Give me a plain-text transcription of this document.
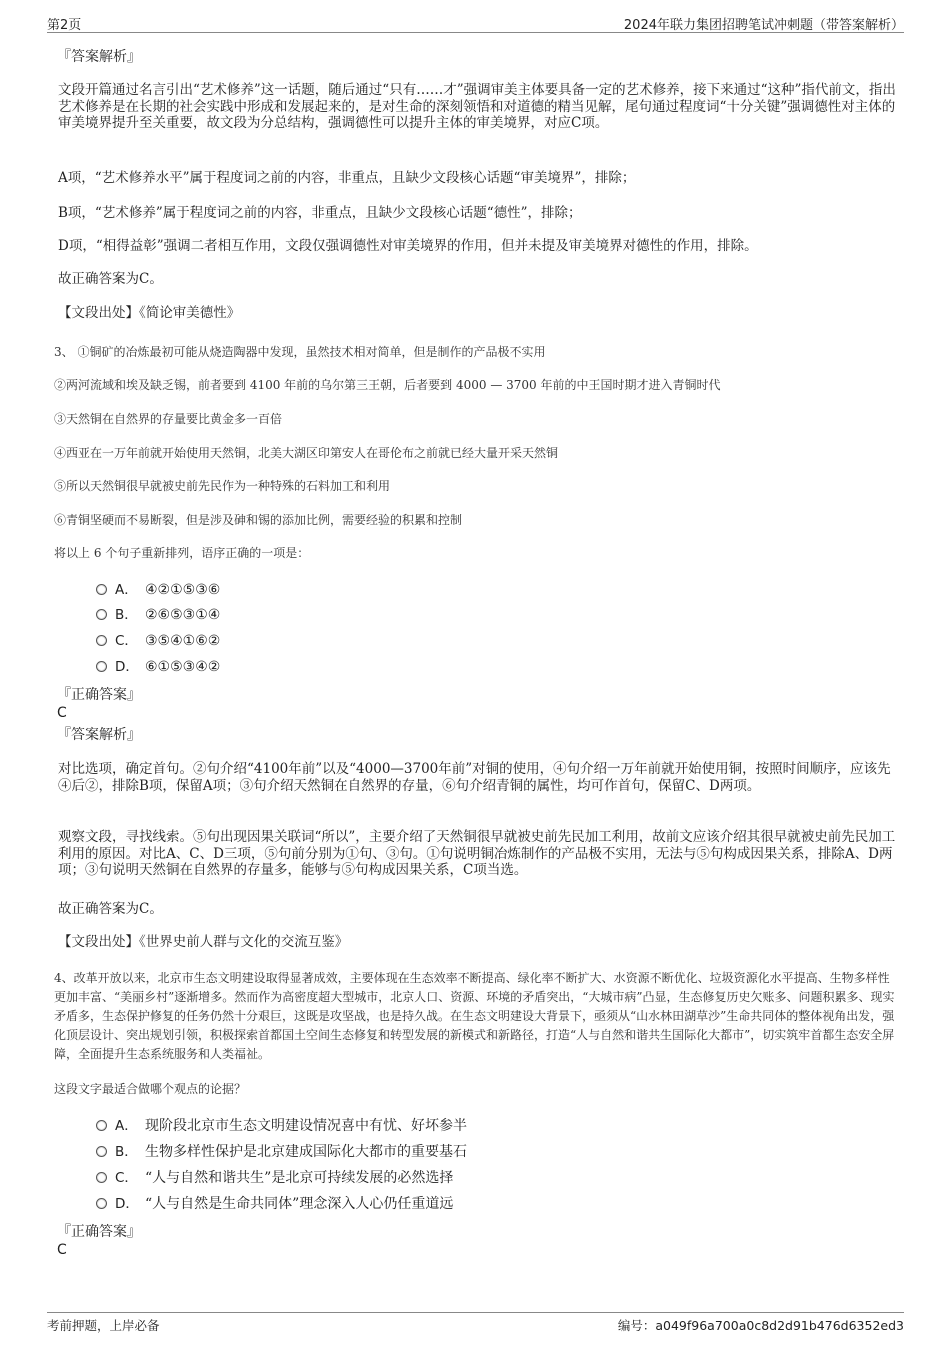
第2页	2024年联力集团招聘笔试冲刺题（带答案解析）
『答案解析』
文段开篇通过名言引出“艺术修养”这一话题，随后通过“只有……才”强调审美主体要具备一定的艺术修养，接下来通过“这种”指代前文，指出艺术修养是在长期的社会实践中形成和发展起来的，是对生命的深刻领悟和对道德的精当见解，尾句通过程度词“十分关键”强调德性对主体的审美境界提升至关重要，故文段为分总结构，强调德性可以提升主体的审美境界，对应C项。
A项，“艺术修养水平”属于程度词之前的内容，非重点，且缺少文段核心话题“审美境界”，排除；
B项，“艺术修养”属于程度词之前的内容，非重点，且缺少文段核心话题“德性”，排除；
D项，“相得益彰”强调二者相互作用，文段仅强调德性对审美境界的作用，但并未提及审美境界对德性的作用，排除。
故正确答案为C。
【文段出处】《简论审美德性》
3、 ①铜矿的冶炼最初可能从烧造陶器中发现，虽然技术相对简单，但是制作的产品极不实用
②两河流域和埃及缺乏锡，前者要到 4100 年前的乌尔第三王朝，后者要到 4000 — 3700 年前的中王国时期才进入青铜时代
③天然铜在自然界的存量要比黄金多一百倍
④西亚在一万年前就开始使用天然铜，北美大湖区印第安人在哥伦布之前就已经大量开采天然铜
⑤所以天然铜很早就被史前先民作为一种特殊的石料加工和利用
⑥青铜坚硬而不易断裂，但是涉及砷和锡的添加比例，需要经验的积累和控制
将以上 6 个句子重新排列，语序正确的一项是：
A． ④②①⑤③⑥
B． ②⑥⑤③①④
C． ③⑤④①⑥②
D． ⑥①⑤③④②
『正确答案』
C
『答案解析』
对比选项，确定首句。②句介绍“4100年前”以及“4000—3700年前”对铜的使用，④句介绍一万年前就开始使用铜，按照时间顺序，应该先④后②，排除B项，保留A项；③句介绍天然铜在自然界的存量，⑥句介绍青铜的属性，均可作首句，保留C、D两项。
观察文段，寻找线索。⑤句出现因果关联词“所以”，主要介绍了天然铜很早就被史前先民加工利用，故前文应该介绍其很早就被史前先民加工利用的原因。对比A、C、D三项，⑤句前分别为①句、③句。①句说明铜冶炼制作的产品极不实用，无法与⑤句构成因果关系，排除A、D两项；③句说明天然铜在自然界的存量多，能够与⑤句构成因果关系，C项当选。
故正确答案为C。
【文段出处】《世界史前人群与文化的交流互鉴》
4、改革开放以来，北京市生态文明建设取得显著成效，主要体现在生态效率不断提高、绿化率不断扩大、水资源不断优化、垃圾资源化水平提高、生物多样性更加丰富、“美丽乡村”逐渐增多。然而作为高密度超大型城市，北京人口、资源、环境的矛盾突出，“大城市病”凸显，生态修复历史欠账多、问题积累多、现实矛盾多，生态保护修复的任务仍然十分艰巨，这既是攻坚战，也是持久战。在生态文明建设大背景下，亟须从“山水林田湖草沙”生命共同体的整体视角出发，强化顶层设计、突出规划引领，积极探索首都国土空间生态修复和转型发展的新模式和新路径，打造“人与自然和谐共生国际化大都市”，切实筑牢首都生态安全屏障，全面提升生态系统服务和人类福祉。
这段文字最适合做哪个观点的论据？
A． 现阶段北京市生态文明建设情况喜中有忧、好坏参半
B． 生物多样性保护是北京建成国际化大都市的重要基石
C． “人与自然和谐共生”是北京可持续发展的必然选择
D． “人与自然是生命共同体”理念深入人心仍任重道远
『正确答案』
C
考前押题，上岸必备	编号：a049f96a700a0c8d2d91b476d6352ed3
